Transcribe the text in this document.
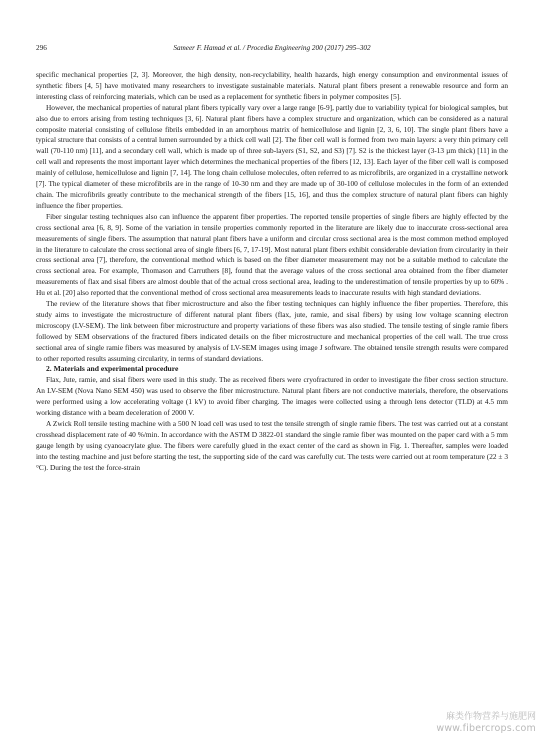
296	Sameer F. Hamad et al. / Procedia Engineering 200 (2017) 295–302

specific mechanical properties [2, 3]. Moreover, the high density, non-recyclability, health hazards, high energy consumption and environmental issues of synthetic fibers [4, 5] have motivated many researchers to investigate sustainable materials. Natural plant fibers present a renewable resource and form an interesting class of reinforcing materials, which can be used as a replacement for synthetic fibers in polymer composites [5].

However, the mechanical properties of natural plant fibers typically vary over a large range [6-9], partly due to variability typical for biological samples, but also due to errors arising from testing techniques [3, 6]. Natural plant fibers have a complex structure and organization, which can be considered as a natural composite material consisting of cellulose fibrils embedded in an amorphous matrix of hemicellulose and lignin [2, 3, 6, 10]. The single plant fibers have a typical structure that consists of a central lumen surrounded by a thick cell wall [2]. The fiber cell wall is formed from two main layers: a very thin primary cell wall (70-110 nm) [11], and a secondary cell wall, which is made up of three sub-layers (S1, S2, and S3) [7]. S2 is the thickest layer (3-13 µm thick) [11] in the cell wall and represents the most important layer which determines the mechanical properties of the fibers [12, 13]. Each layer of the fiber cell wall is composed mainly of cellulose, hemicellulose and lignin [7, 14]. The long chain cellulose molecules, often referred to as microfibrils, are organized in a crystalline network [7]. The typical diameter of these microfibrils are in the range of 10-30 nm and they are made up of 30-100 of cellulose molecules in the form of an extended chain. The microfibrils greatly contribute to the mechanical strength of the fibers [15, 16], and thus the complex structure of natural plant fibers can highly influence the fiber properties.

Fiber singular testing techniques also can influence the apparent fiber properties. The reported tensile properties of single fibers are highly effected by the cross sectional area [6, 8, 9]. Some of the variation in tensile properties commonly reported in the literature are likely due to inaccurate cross-sectional area measurements of single fibers. The assumption that natural plant fibers have a uniform and circular cross sectional area is the most common method employed in the literature to calculate the cross sectional area of single fibers [6, 7, 17-19]. Most natural plant fibers exhibit considerable deviation from circularity in their cross sectional area [7], therefore, the conventional method which is based on the fiber diameter measurement may not be a suitable method to calculate the cross sectional area. For example, Thomason and Carruthers [8], found that the average values of the cross sectional area obtained from the fiber diameter measurements of flax and sisal fibers are almost double that of the actual cross sectional area, leading to the underestimation of tensile properties by up to 60% . Hu et al. [20] also reported that the conventional method of cross sectional area measurements leads to inaccurate results with high standard deviations.

The review of the literature shows that fiber microstructure and also the fiber testing techniques can highly influence the fiber properties. Therefore, this study aims to investigate the microstructure of different natural plant fibers (flax, jute, ramie, and sisal fibers) by using low voltage scanning electron microscopy (LV-SEM). The link between fiber microstructure and property variations of these fibers was also studied. The tensile testing of single ramie fibers followed by SEM observations of the fractured fibers indicated details on the fiber microstructure and mechanical properties of the cell wall. The true cross sectional area of single ramie fibers was measured by analysis of LV-SEM images using image J software. The obtained tensile strength results were compared to other reported results assuming circularity, in terms of standard deviations.

2. Materials and experimental procedure

Flax, Jute, ramie, and sisal fibers were used in this study. The as received fibers were cryofractured in order to investigate the fiber cross section structure. An LV-SEM (Nova Nano SEM 450) was used to observe the fiber microstructure. Natural plant fibers are not conductive materials, therefore, the observations were performed using a low accelerating voltage (1 kV) to avoid fiber charging. The images were collected using a through lens detector (TLD) at 4.5 mm working distance with a beam deceleration of 2000 V.

A Zwick Roll tensile testing machine with a 500 N load cell was used to test the tensile strength of single ramie fibers. The test was carried out at a constant crosshead displacement rate of 40 %/min. In accordance with the ASTM D 3822-01 standard the single ramie fiber was mounted on the paper card with a 5 mm gauge length by using cyanoacrylate glue. The fibers were carefully glued in the exact center of the card as shown in Fig. 1. Thereafter, samples were loaded into the testing machine and just before starting the test, the supporting side of the card was carefully cut. The tests were carried out at room temperature (22 ± 3 °C). During the test the force-strain

麻类作物营养与施肥网
www.fibercrops.com
